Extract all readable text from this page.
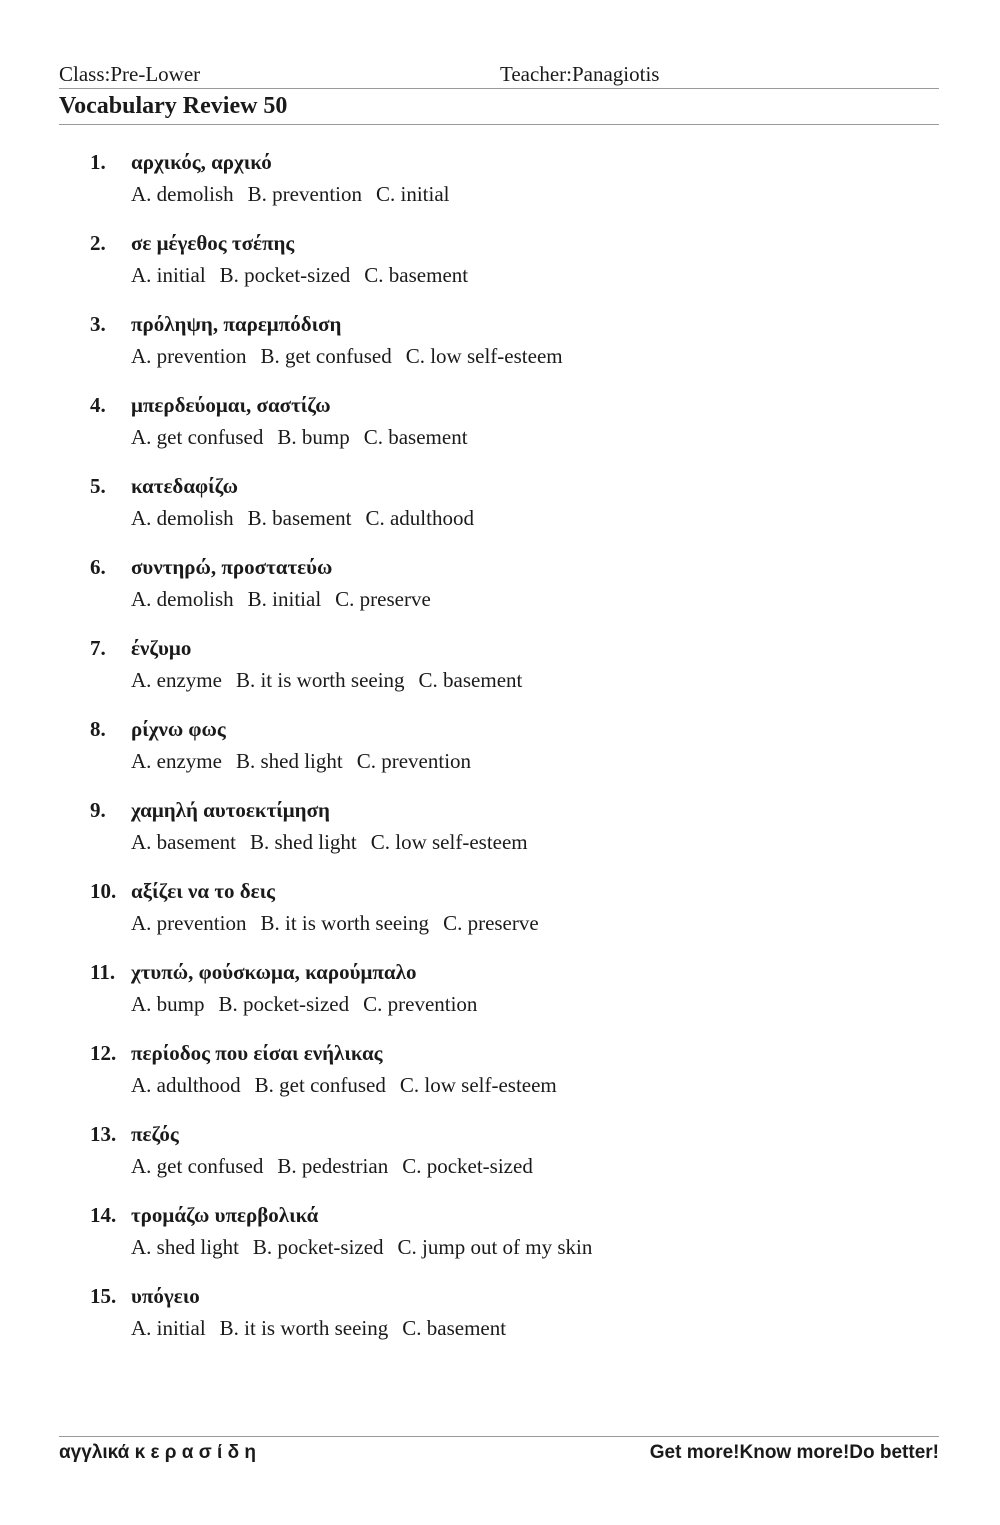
Class:Pre-Lower	Teacher:Panagiotis
Vocabulary Review 50
1. αρχικός, αρχικό
A. demolish B. prevention C. initial
2. σε μέγεθος τσέπης
A. initial B. pocket-sized C. basement
3. πρόληψη, παρεμπόδιση
A. prevention B. get confused C. low self-esteem
4. μπερδεύομαι, σαστίζω
A. get confused B. bump C. basement
5. κατεδαφίζω
A. demolish B. basement C. adulthood
6. συντηρώ, προστατεύω
A. demolish B. initial C. preserve
7. ένζυμο
A. enzyme B. it is worth seeing C. basement
8. ρίχνω φως
A. enzyme B. shed light C. prevention
9. χαμηλή αυτοεκτίμηση
A. basement B. shed light C. low self-esteem
10. αξίζει να το δεις
A. prevention B. it is worth seeing C. preserve
11. χτυπώ, φούσκωμα, καρούμπαλο
A. bump B. pocket-sized C. prevention
12. περίοδος που είσαι ενήλικας
A. adulthood B. get confused C. low self-esteem
13. πεζός
A. get confused B. pedestrian C. pocket-sized
14. τρομάζω υπερβολικά
A. shed light B. pocket-sized C. jump out of my skin
15. υπόγειο
A. initial B. it is worth seeing C. basement
αγγλικά κ ε ρ α σ ί δ η	Get more!Know more!Do better!
